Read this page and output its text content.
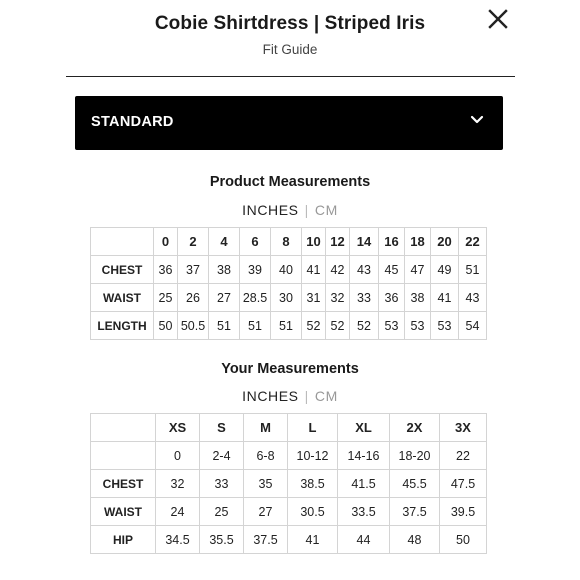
Cobie Shirtdress | Striped Iris
Fit Guide
STANDARD
Product Measurements
INCHES | CM
	0	2	4	6	8	10	12	14	16	18	20	22
CHEST	36	37	38	39	40	41	42	43	45	47	49	51
WAIST	25	26	27	28.5	30	31	32	33	36	38	41	43
LENGTH	50	50.5	51	51	51	52	52	52	53	53	53	54
Your Measurements
INCHES | CM
	XS	S	M	L	XL	2X	3X
	0	2-4	6-8	10-12	14-16	18-20	22
CHEST	32	33	35	38.5	41.5	45.5	47.5
WAIST	24	25	27	30.5	33.5	37.5	39.5
HIP	34.5	35.5	37.5	41	44	48	50
